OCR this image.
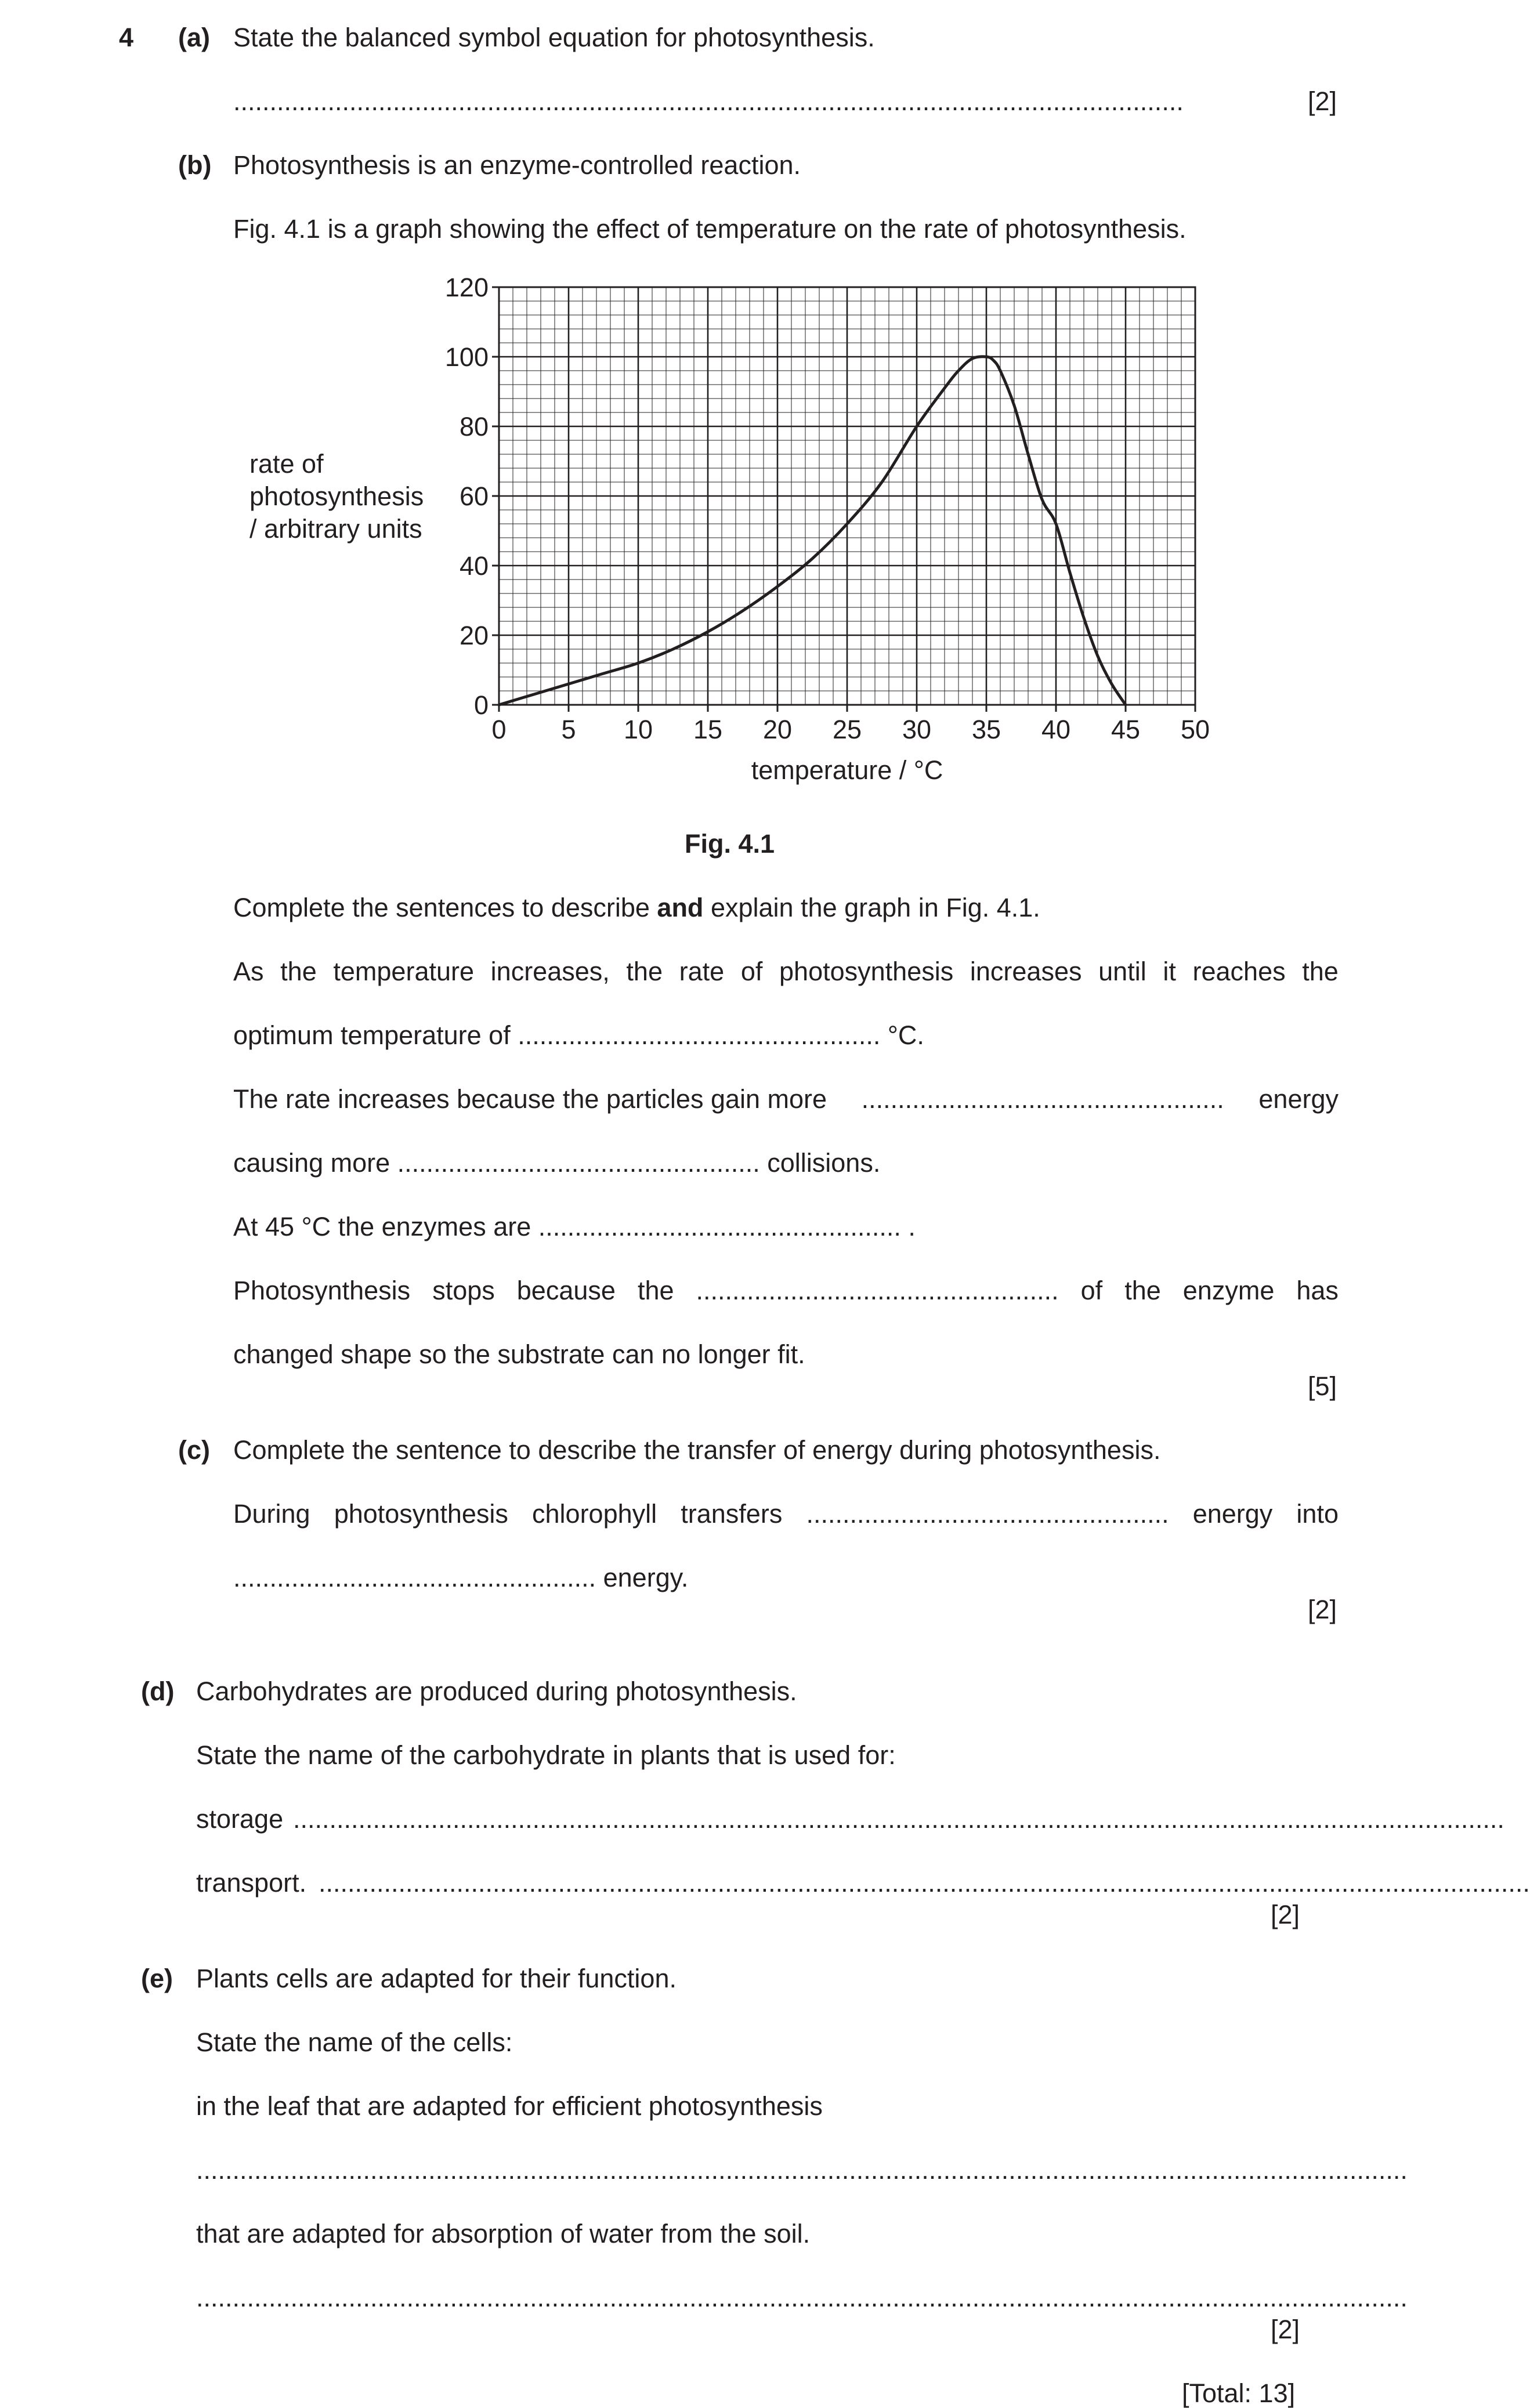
4 (a) State the balanced symbol equation for photosynthesis.
...................................................................................................................................	[2]
(b) Photosynthesis is an enzyme-controlled reaction.
Fig. 4.1 is a graph showing the effect of temperature on the rate of photosynthesis.
rate of
photosynthesis
/ arbitrary units
0 5 10 15 20 25 30 35 40 45 50
0
20
40
60
80
100
120
temperature / °C
Fig. 4.1
Complete the sentences to describe and explain the graph in Fig. 4.1.
As the temperature increases, the rate of photosynthesis increases until it reaches the
optimum temperature of .................................................. °C.
The rate increases because the particles gain more .................................................. energy
causing more .................................................. collisions.
At 45 °C the enzymes are .................................................. .
Photosynthesis stops because the .................................................. of the enzyme has
changed shape so the substrate can no longer fit.
[5]
(c) Complete the sentence to describe the transfer of energy during photosynthesis.
During photosynthesis chlorophyll transfers .................................................. energy into
.................................................. energy.
[2]
(d) Carbohydrates are produced during photosynthesis.
State the name of the carbohydrate in plants that is used for:
storage .......................................................................................................................................................................
transport. .......................................................................................................................................................................
[2]
(e) Plants cells are adapted for their function.
State the name of the cells:
in the leaf that are adapted for efficient photosynthesis
.......................................................................................................................................................................
that are adapted for absorption of water from the soil.
.......................................................................................................................................................................
[2]
[Total: 13]
